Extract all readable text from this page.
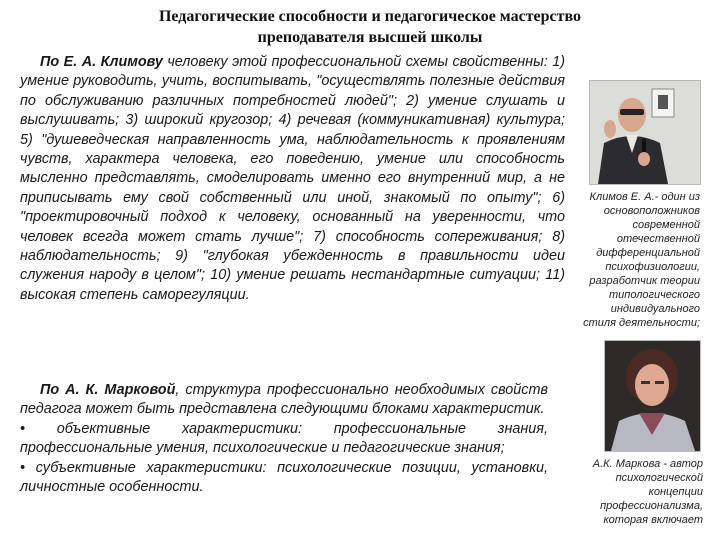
Педагогические способности и педагогическое мастерство
преподавателя высшей школы
По Е. А. Климову человеку этой профессиональной схемы свойственны: 1) умение руководить, учить, воспитывать, "осуществлять полезные действия по обслуживанию различных потребностей людей"; 2) умение слушать и выслушивать; 3) широкий кругозор; 4) речевая (коммуникативная) культура; 5) "душеведческая направленность ума, наблюдательность к проявлениям чувств, характера человека, его поведению, умение или способность мысленно представлять, смоделировать именно его внутренний мир, а не приписывать ему свой собственный или иной, знакомый по опыту"; 6) "проектировочный подход к человеку, основанный на уверенности, что человек всегда может стать лучше"; 7) способность сопереживания; 8) наблюдательность; 9) "глубокая убежденность в правильности идеи служения народу в целом"; 10) умение решать нестандартные ситуации; 11) высокая степень саморегуляции.
По А. К. Марковой, структура профессионально необходимых свойств педагога может быть представлена следующими блоками характеристик.
• объективные характеристики: профессиональные знания, профессиональные умения, психологические и педагогические знания;
• субъективные характеристики: психологические позиции, установки, личностные особенности.
Климов Е. А.- один из
основоположников
современной
отечественной
дифференциальной
психофизиологии,
разработчик теории
типологического
индивидуального
стиля деятельности;
А.К. Маркова - автор
психологической
концепции
профессионализма,
которая включает
